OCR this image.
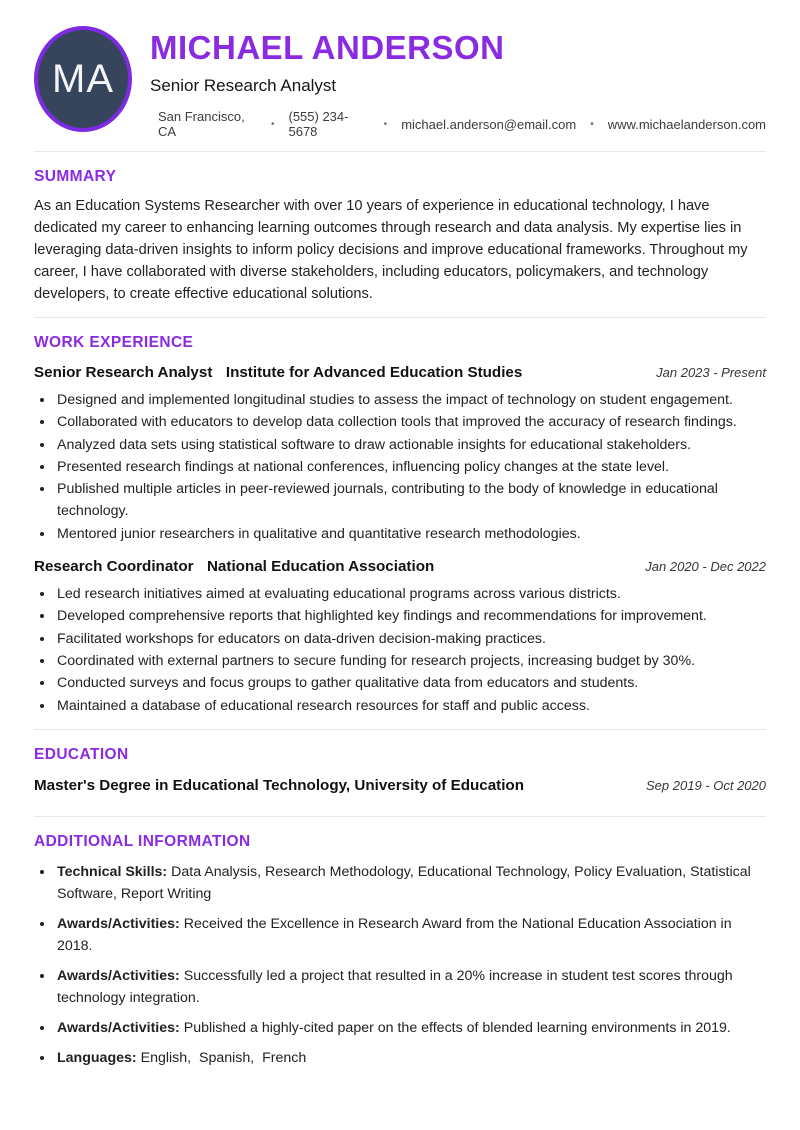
MA
MICHAEL ANDERSON
Senior Research Analyst
San Francisco, CA	• (555) 234-5678	• michael.anderson@email.com • www.michaelanderson.com
SUMMARY

As an Education Systems Researcher with over 10 years of experience in educational technology, I have dedicated my career to enhancing learning outcomes through research and data analysis. My expertise lies in leveraging data-driven insights to inform policy decisions and improve educational frameworks. Throughout my career, I have collaborated with diverse stakeholders, including educators, policymakers, and technology developers, to create effective educational solutions.

WORK EXPERIENCE
Senior Research Analyst Institute for Advanced Education Studies	Jan 2023 - Present
• Designed and implemented longitudinal studies to assess the impact of technology on student engagement.
• Collaborated with educators to develop data collection tools that improved the accuracy of research findings.
• Analyzed data sets using statistical software to draw actionable insights for educational stakeholders.
• Presented research findings at national conferences, influencing policy changes at the state level.
• Published multiple articles in peer-reviewed journals, contributing to the body of knowledge in educational technology.
• Mentored junior researchers in qualitative and quantitative research methodologies.
Research Coordinator National Education Association	Jan 2020 - Dec 2022
• Led research initiatives aimed at evaluating educational programs across various districts.
• Developed comprehensive reports that highlighted key findings and recommendations for improvement.
• Facilitated workshops for educators on data-driven decision-making practices.
• Coordinated with external partners to secure funding for research projects, increasing budget by 30%.
• Conducted surveys and focus groups to gather qualitative data from educators and students.
• Maintained a database of educational research resources for staff and public access.
EDUCATION
Master's Degree in Educational Technology, University of Education	Sep 2019 - Oct 2020
ADDITIONAL INFORMATION
• Technical Skills: Data Analysis, Research Methodology, Educational Technology, Policy Evaluation, Statistical Software, Report Writing
• Awards/Activities: Received the Excellence in Research Award from the National Education Association in 2018.
• Awards/Activities: Successfully led a project that resulted in a 20% increase in student test scores through technology integration.
• Awards/Activities: Published a highly-cited paper on the effects of blended learning environments in 2019.
• Languages: English,  Spanish,  French
